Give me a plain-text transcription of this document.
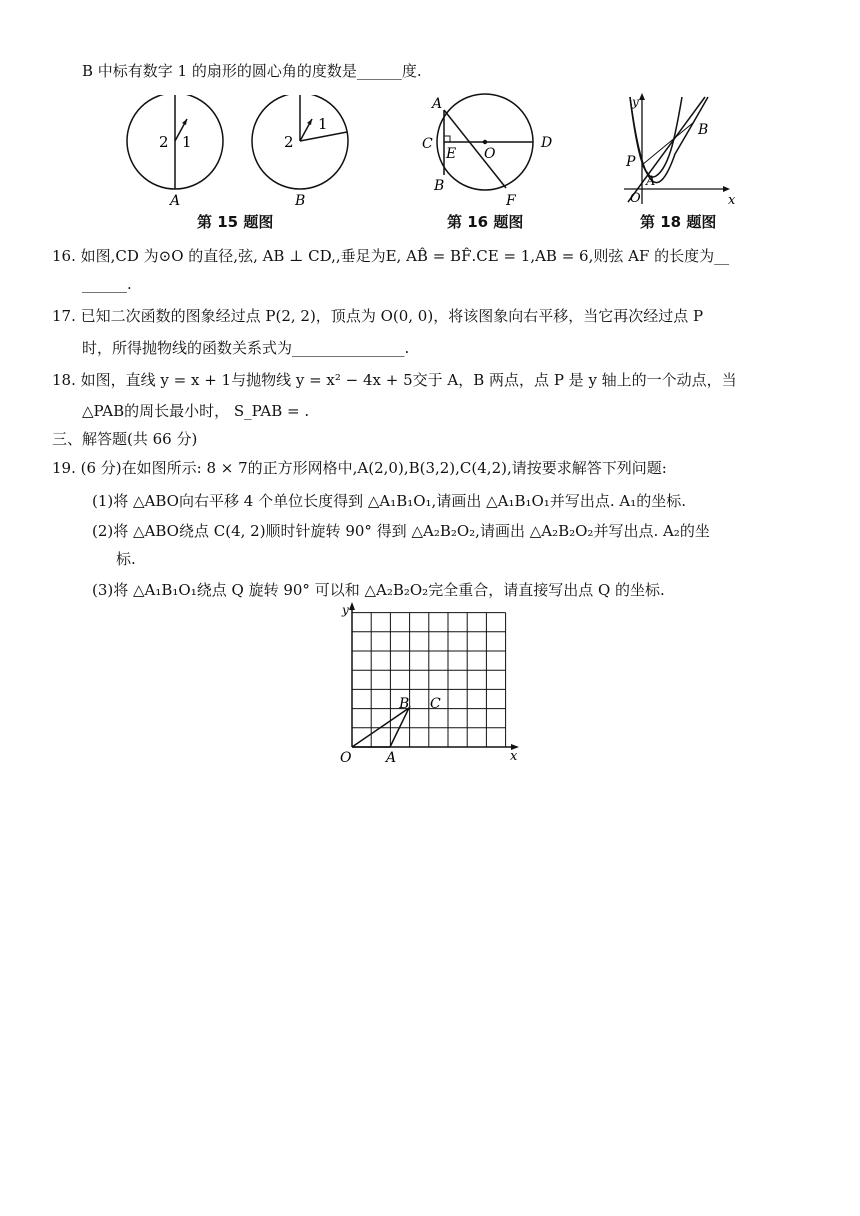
B 中标有数字 1 的扇形的圆心角的度数是______度.
2 1
A
2
1
B
第 15 题图
A
C
E O
D
B
F
第 16 题图
y
B
P
A
O	x
第 18 题图
16. 如图,CD 为⊙O 的直径,弦, AB ⊥ CD,,垂足为E, AB̂ = BF̂.CE = 1,AB = 6,则弦 AF 的长度为__
______.
17. 已知二次函数的图象经过点 P(2, 2)，顶点为 O(0, 0)，将该图象向右平移，当它再次经过点 P
时，所得抛物线的函数关系式为_______________.
18. 如图，直线 y = x + 1与抛物线 y = x² − 4x + 5交于 A，B 两点，点 P 是 y 轴上的一个动点，当
△PAB的周长最小时， S_PAB = .
三、解答题(共 66 分)
19. (6 分)在如图所示: 8 × 7的正方形网格中,A(2,0),B(3,2),C(4,2),请按要求解答下列问题:
(1)将 △ABO向右平移 4 个单位长度得到 △A₁B₁O₁,请画出 △A₁B₁O₁并写出点. A₁的坐标.
(2)将 △ABO绕点 C(4, 2)顺时针旋转 90° 得到 △A₂B₂O₂,请画出 △A₂B₂O₂并写出点. A₂的坐
标.
(3)将 △A₁B₁O₁绕点 Q 旋转 90° 可以和 △A₂B₂O₂完全重合，请直接写出点 Q 的坐标.
y
B C
O A	x
